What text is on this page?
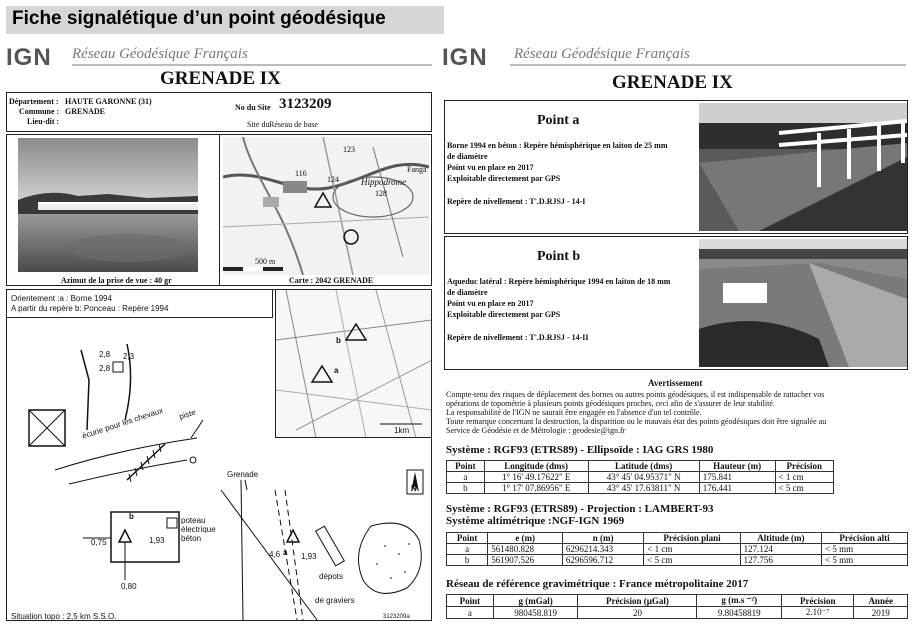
Fiche signalétique d’un point géodésique
IGN Réseau Géodésique Français
GRENADE IX
Département : HAUTE GARONNE (31)
Commune : GRENADE
Lieu-dit :
No du Site 3123209
Site du Réseau de base
Azimut de la prise de vue : 40 gr
Hippodrome
Fanga
123
128
124
116
500 m
Carte : 2042 GRENADE
Orientement :a : Borne 1994
A partir du repère b: Ponceau : Repère 1994
b
a
1km
2,8 2,3
2,8
écurie pour les chevaux piste
Grenade
N
0,75	1,93
0,80
b	poteau électrique béton
4,6	1,93
a
dépots
de graviers
Situation topo : 2,5 km S.S.O.	3123209a
IGN Réseau Géodésique Français
GRENADE IX
Point a
Borne 1994 en béton : Repère hémisphérique en laiton de 25 mm
de diamètre
Point vu en place en 2017
Exploitable directement par GPS
Repère de nivellement : T'.D.RJSJ - 14-I
Point b
Aqueduc latéral : Repère hémisphérique 1994 en laiton de 18 mm
de diamètre
Point vu en place en 2017
Exploitable directement par GPS
Repère de nivellement : T'.D.RJSJ - 14-II
Avertissement
Compte-tenu des risques de déplacement des bornes ou autres points géodésiques, il est indispensable de rattacher vos
opérations de topométrie à plusieurs points géodésiques proches, ceci afin de s'assurer de leur stabilité.
La responsabilité de l'IGN ne saurait être engagée en l'absence d'un tel contrôle.
Toute remarque concernant la destruction, la disparition ou le mauvais état des points géodésiques doit être signalée au
Service de Géodésie et de Métrologie : geodesie@ign.fr
Système : RGF93 (ETRS89) - Ellipsoïde : IAG GRS 1980
Point	Longitude (dms)	Latitude (dms)	Hauteur (m)	Précision
a	1° 16' 49.17622" E	43° 45' 04.95371" N	175.841	< 1 cm
b	1° 17' 07.86956" E	43° 45' 17.63811" N	176.441	< 5 cm
Système : RGF93 (ETRS89) - Projection : LAMBERT-93
Système altimétrique :NGF-IGN 1969
Point	e (m)	n (m)	Précision plani	Altitude (m)	Précision alti
a	561480.828	6296214.343	< 1 cm	127.124	< 5 mm
b	561907.526	6296596.712	< 5 cm	127.756	< 5 mm
Réseau de référence gravimétrique : France métropolitaine 2017
Point	g (mGal)	Précision (µGal)	g (m.s ⁻²)	Précision	Année
a	980458.819	20	9.80458819	2.10⁻⁷	2019
